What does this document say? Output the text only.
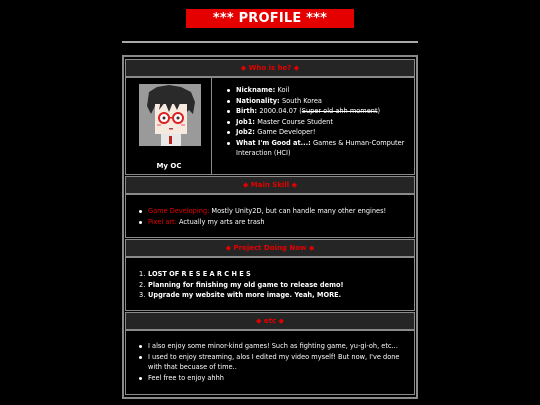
*** PROFILE ***
◆ Who is he? ◆
My OC
Nickname: Koil
Nationality: South Korea
Birth: 2000.04.07 (Super old ahh moment)
Job1: Master Course Student
Job2: Game Developer!
What I'm Good at...: Games & Human-Computer Interaction (HCI)
◆ Main Skill ◆
Game Developing: Mostly Unity2D, but can handle many other engines!
Pixel art: Actually my arts are trash
◆ Project Doing Now ◆
1. LOST OF R E S E A R C H E S
2. Planning for finishing my old game to release demo!
3. Upgrade my website with more image. Yeah, MORE.
◆ etc ◆
I also enjoy some minor-kind games! Such as fighting game, yu-gi-oh, etc...
I used to enjoy streaming, alos I edited my video myself! But now, I've done with that becuase of time..
Feel free to enjoy ahhh
